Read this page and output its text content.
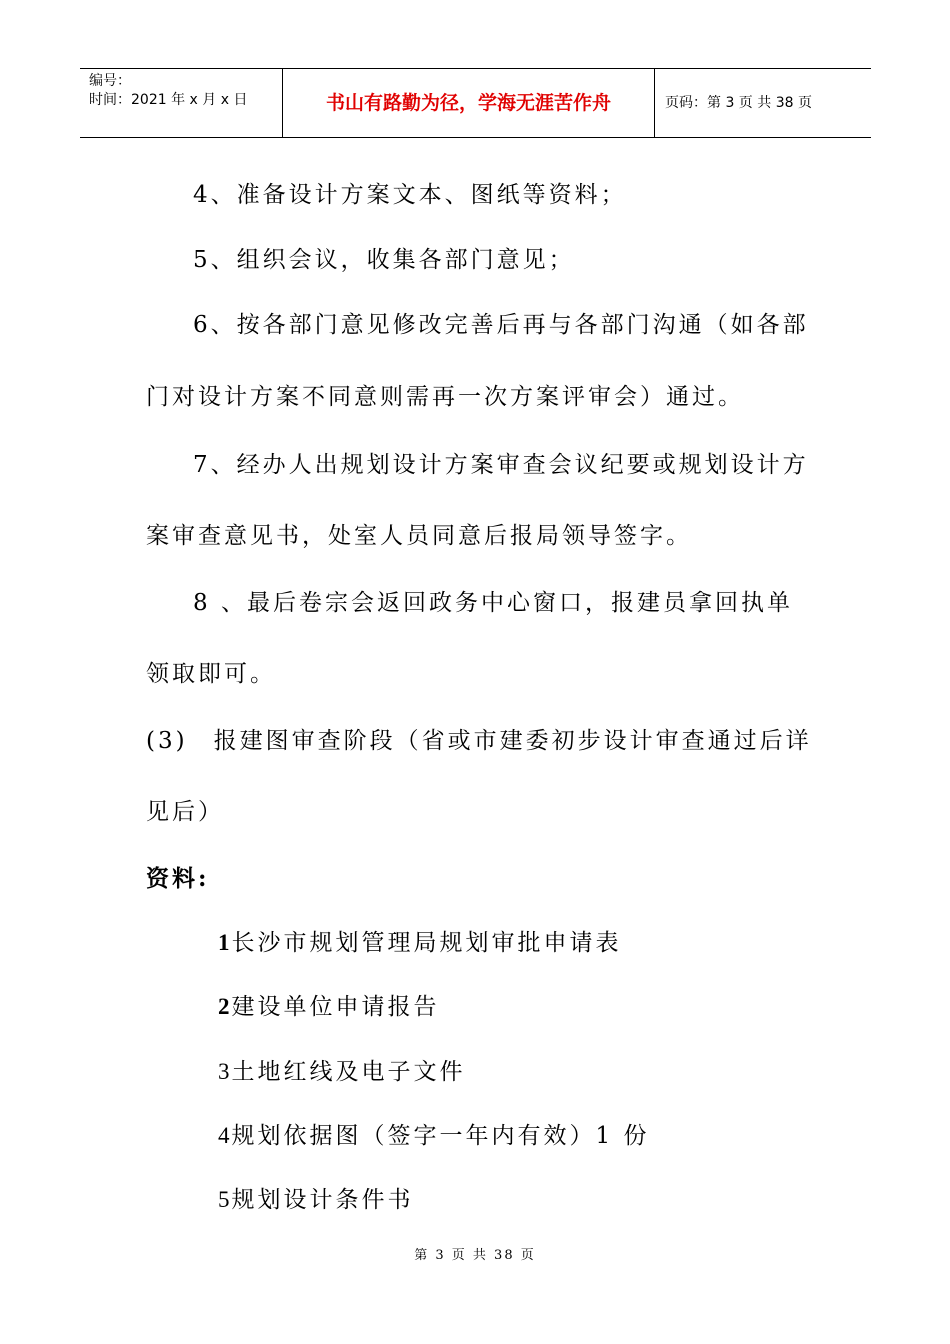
编号：
时间：2021 年 x 月 x 日	书山有路勤为径，学海无涯苦作舟	页码：第 3 页 共 38 页
4、准备设计方案文本、图纸等资料；
5、组织会议，收集各部门意见；
6、按各部门意见修改完善后再与各部门沟通（如各部
门对设计方案不同意则需再一次方案评审会）通过。
7、经办人出规划设计方案审查会议纪要或规划设计方
案审查意见书，处室人员同意后报局领导签字。
8 、最后卷宗会返回政务中心窗口，报建员拿回执单
领取即可。
(3)　报建图审查阶段（省或市建委初步设计审查通过后详
见后）
资料:
1长沙市规划管理局规划审批申请表
2建设单位申请报告
3土地红线及电子文件
4规划依据图（签字一年内有效）1 份
5规划设计条件书
第 3 页 共 38 页
